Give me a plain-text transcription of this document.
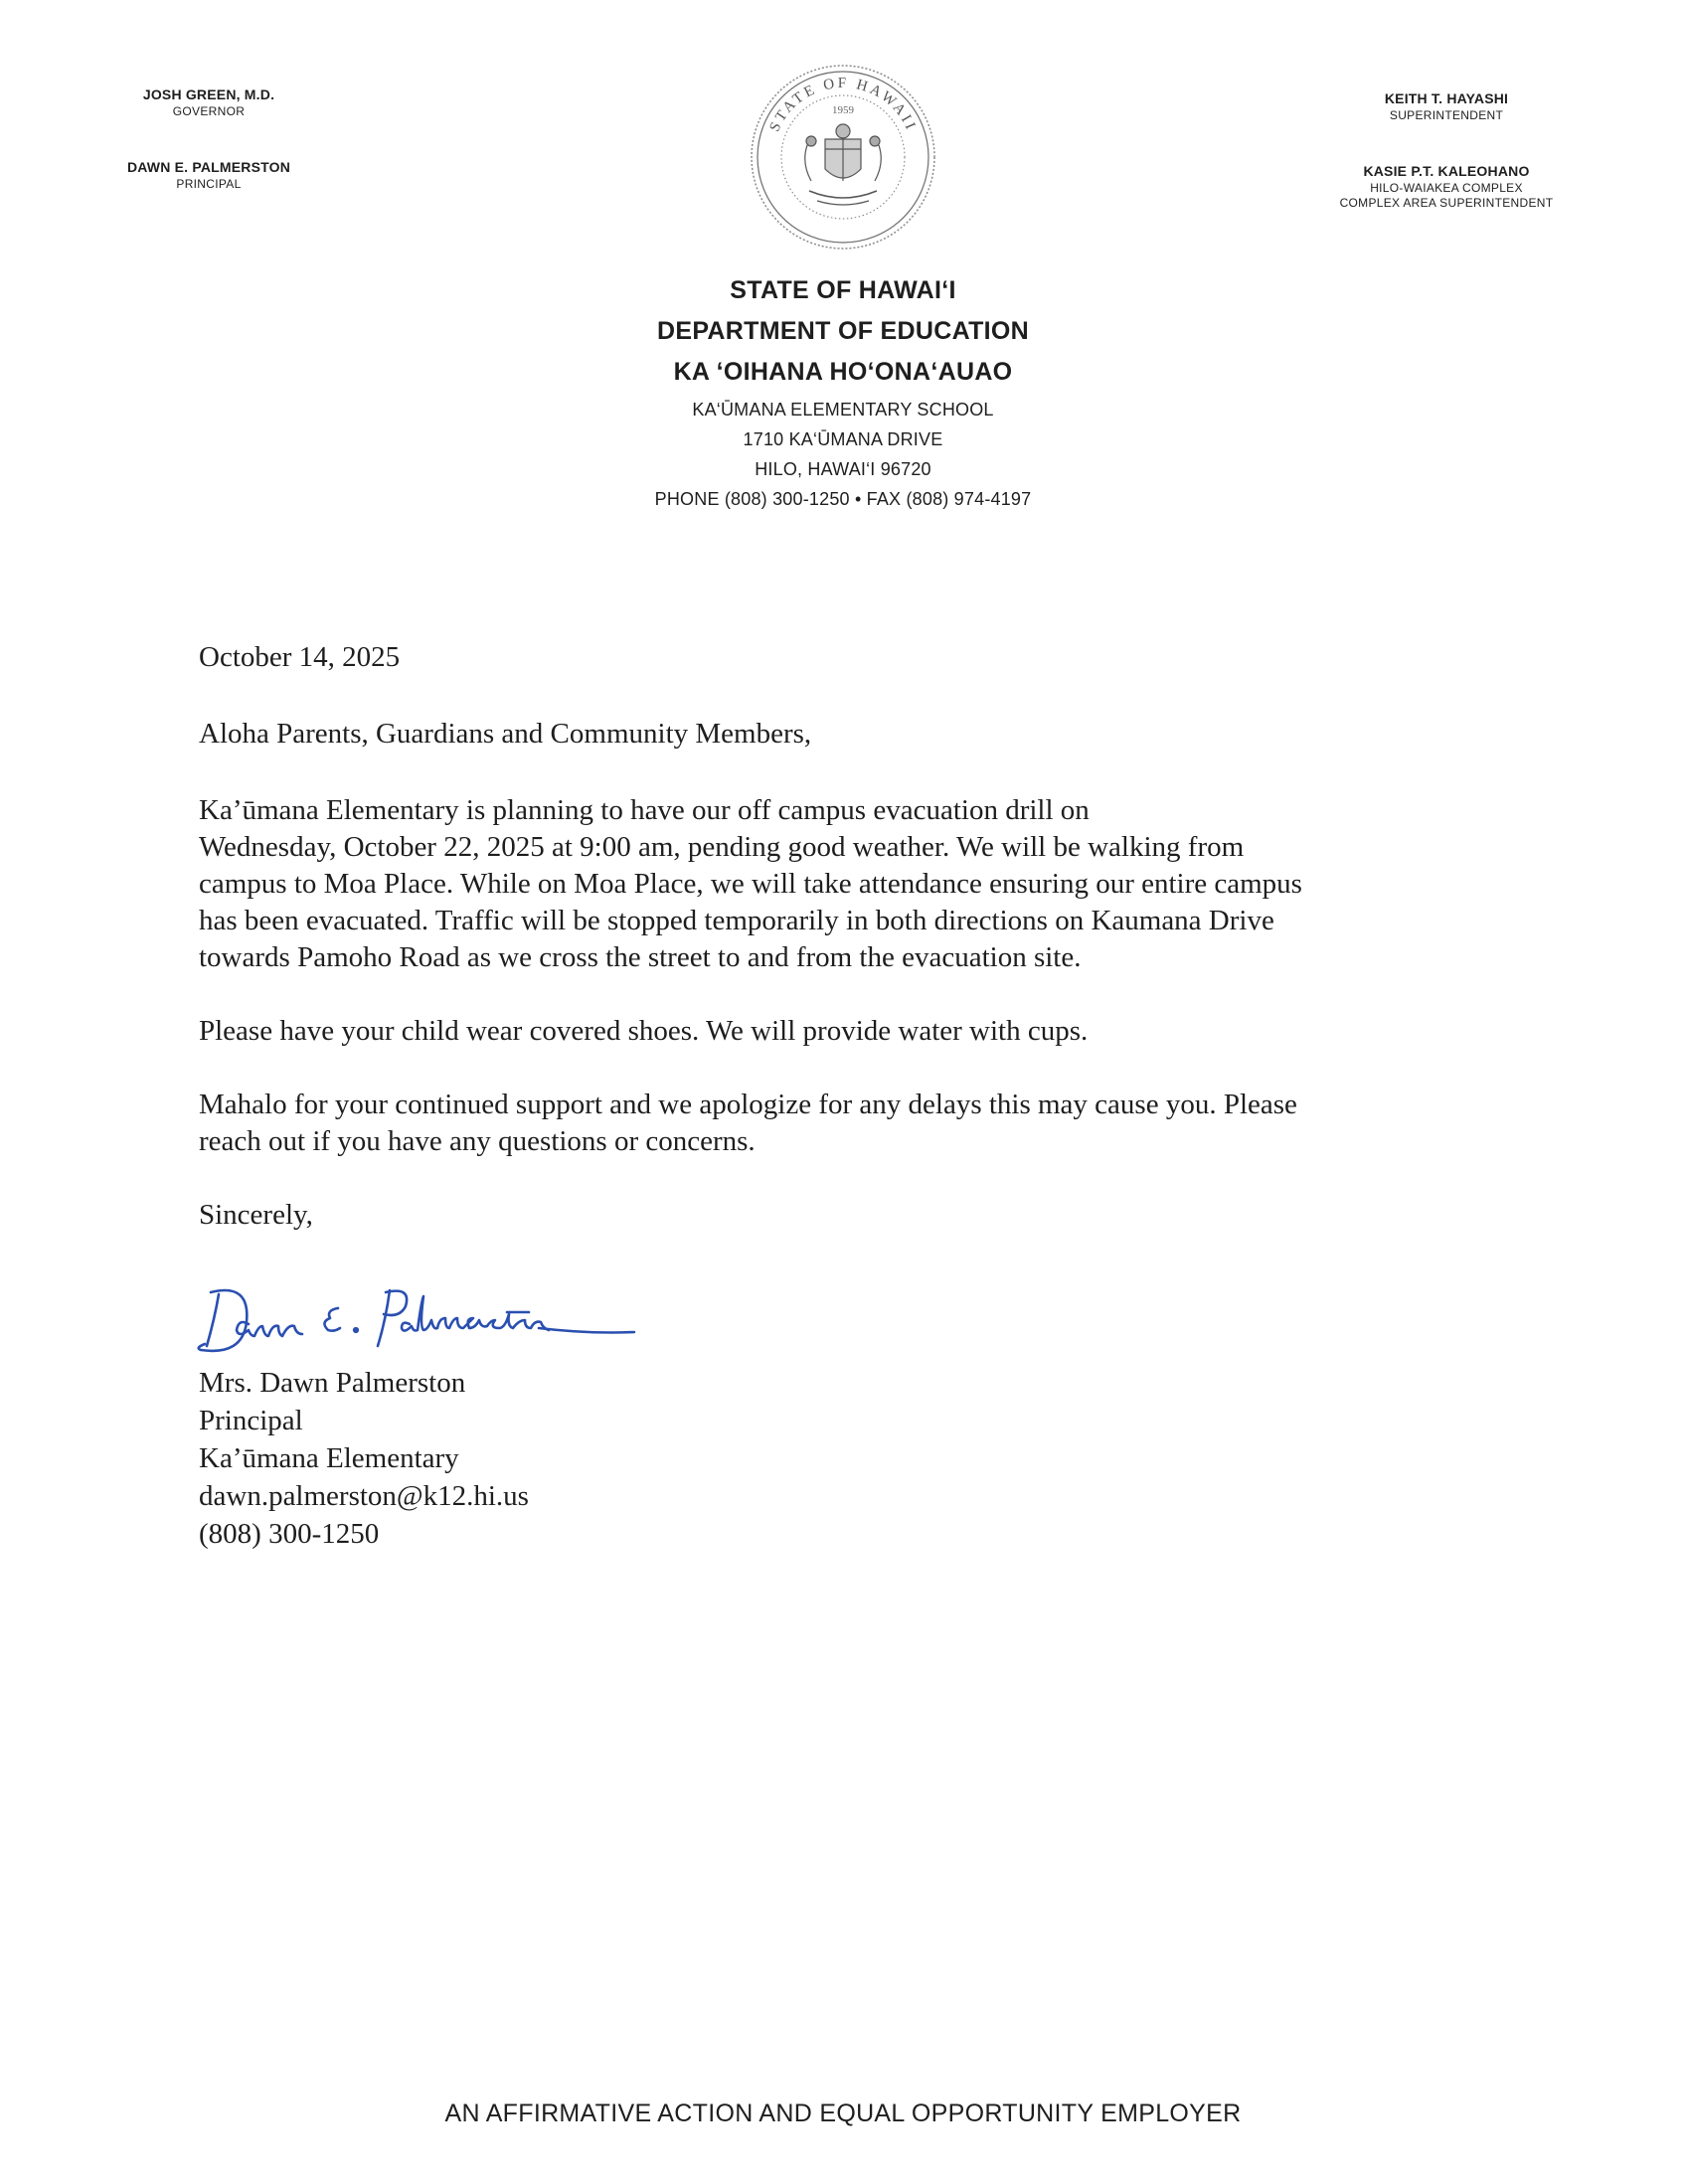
JOSH GREEN, M.D.
GOVERNOR
DAWN E. PALMERSTON
PRINCIPAL
KEITH T. HAYASHI
SUPERINTENDENT
KASIE P.T. KALEOHANO
HILO-WAIAKEA COMPLEX
COMPLEX AREA SUPERINTENDENT
STATE OF HAWAII
1959
STATE OF HAWAI‘I
DEPARTMENT OF EDUCATION
KA ‘OIHANA HO‘ONA‘AUAO
KA‘ŪMANA ELEMENTARY SCHOOL
1710 KA‘ŪMANA DRIVE
HILO, HAWAI‘I 96720
PHONE (808) 300-1250 • FAX (808) 974-4197

October 14, 2025

Aloha Parents, Guardians and Community Members,

Ka’ūmana Elementary is planning to have our off campus evacuation drill on
Wednesday, October 22, 2025 at 9:00 am, pending good weather. We will be walking from
campus to Moa Place. While on Moa Place, we will take attendance ensuring our entire campus
has been evacuated. Traffic will be stopped temporarily in both directions on Kaumana Drive
towards Pamoho Road as we cross the street to and from the evacuation site.

Please have your child wear covered shoes. We will provide water with cups.

Mahalo for your continued support and we apologize for any delays this may cause you. Please
reach out if you have any questions or concerns.

Sincerely,

Mrs. Dawn Palmerston
Principal
Ka’ūmana Elementary
dawn.palmerston@k12.hi.us
(808) 300-1250
AN AFFIRMATIVE ACTION AND EQUAL OPPORTUNITY EMPLOYER
